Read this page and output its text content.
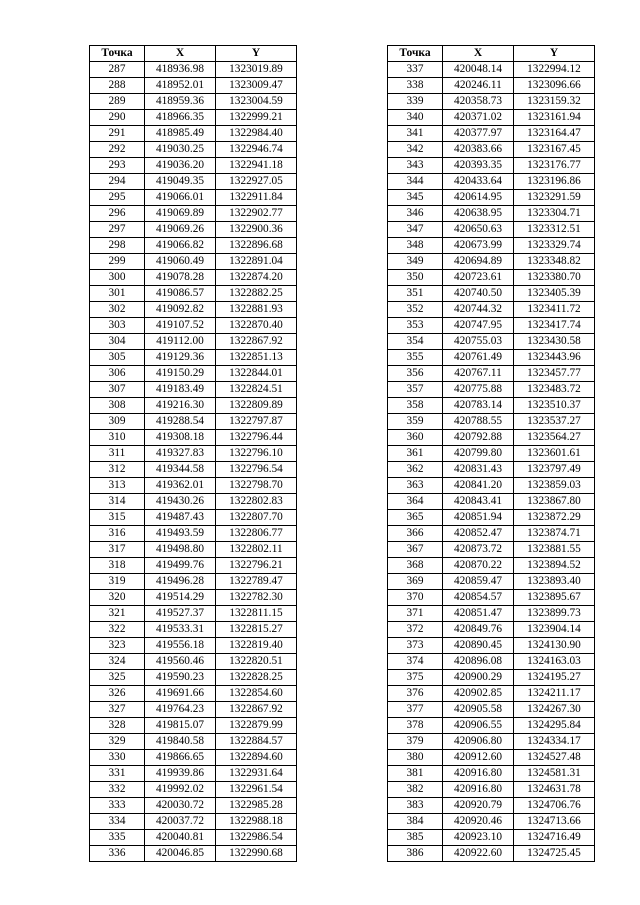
Точка	X	Y
287	418936.98	1323019.89
288	418952.01	1323009.47
289	418959.36	1323004.59
290	418966.35	1322999.21
291	418985.49	1322984.40
292	419030.25	1322946.74
293	419036.20	1322941.18
294	419049.35	1322927.05
295	419066.01	1322911.84
296	419069.89	1322902.77
297	419069.26	1322900.36
298	419066.82	1322896.68
299	419060.49	1322891.04
300	419078.28	1322874.20
301	419086.57	1322882.25
302	419092.82	1322881.93
303	419107.52	1322870.40
304	419112.00	1322867.92
305	419129.36	1322851.13
306	419150.29	1322844.01
307	419183.49	1322824.51
308	419216.30	1322809.89
309	419288.54	1322797.87
310	419308.18	1322796.44
311	419327.83	1322796.10
312	419344.58	1322796.54
313	419362.01	1322798.70
314	419430.26	1322802.83
315	419487.43	1322807.70
316	419493.59	1322806.77
317	419498.80	1322802.11
318	419499.76	1322796.21
319	419496.28	1322789.47
320	419514.29	1322782.30
321	419527.37	1322811.15
322	419533.31	1322815.27
323	419556.18	1322819.40
324	419560.46	1322820.51
325	419590.23	1322828.25
326	419691.66	1322854.60
327	419764.23	1322867.92
328	419815.07	1322879.99
329	419840.58	1322884.57
330	419866.65	1322894.60
331	419939.86	1322931.64
332	419992.02	1322961.54
333	420030.72	1322985.28
334	420037.72	1322988.18
335	420040.81	1322986.54
336	420046.85	1322990.68
Точка	X	Y
337	420048.14	1322994.12
338	420246.11	1323096.66
339	420358.73	1323159.32
340	420371.02	1323161.94
341	420377.97	1323164.47
342	420383.66	1323167.45
343	420393.35	1323176.77
344	420433.64	1323196.86
345	420614.95	1323291.59
346	420638.95	1323304.71
347	420650.63	1323312.51
348	420673.99	1323329.74
349	420694.89	1323348.82
350	420723.61	1323380.70
351	420740.50	1323405.39
352	420744.32	1323411.72
353	420747.95	1323417.74
354	420755.03	1323430.58
355	420761.49	1323443.96
356	420767.11	1323457.77
357	420775.88	1323483.72
358	420783.14	1323510.37
359	420788.55	1323537.27
360	420792.88	1323564.27
361	420799.80	1323601.61
362	420831.43	1323797.49
363	420841.20	1323859.03
364	420843.41	1323867.80
365	420851.94	1323872.29
366	420852.47	1323874.71
367	420873.72	1323881.55
368	420870.22	1323894.52
369	420859.47	1323893.40
370	420854.57	1323895.67
371	420851.47	1323899.73
372	420849.76	1323904.14
373	420890.45	1324130.90
374	420896.08	1324163.03
375	420900.29	1324195.27
376	420902.85	1324211.17
377	420905.58	1324267.30
378	420906.55	1324295.84
379	420906.80	1324334.17
380	420912.60	1324527.48
381	420916.80	1324581.31
382	420916.80	1324631.78
383	420920.79	1324706.76
384	420920.46	1324713.66
385	420923.10	1324716.49
386	420922.60	1324725.45
